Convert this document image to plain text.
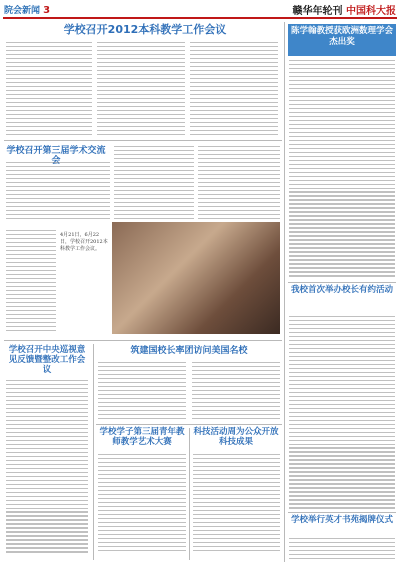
院会新闻 3	赣华年轮刊 中国科大报
学校召开2012本科教学工作会议
学校召开第三届学术交流
4月21日，6月22日，学校召开2012本科教学工作会议。
学校召开中央巡视意见反馈暨整改工作会议
筑建国校长率团访问美国名校
学校学子第三届青年教师教学艺术大赛
科技活动周为公众开放科技成果
陈学翰教授获欧洲数理学会杰出奖
我校首次举办校长有约活动
学校举行英才书苑揭牌仪式
